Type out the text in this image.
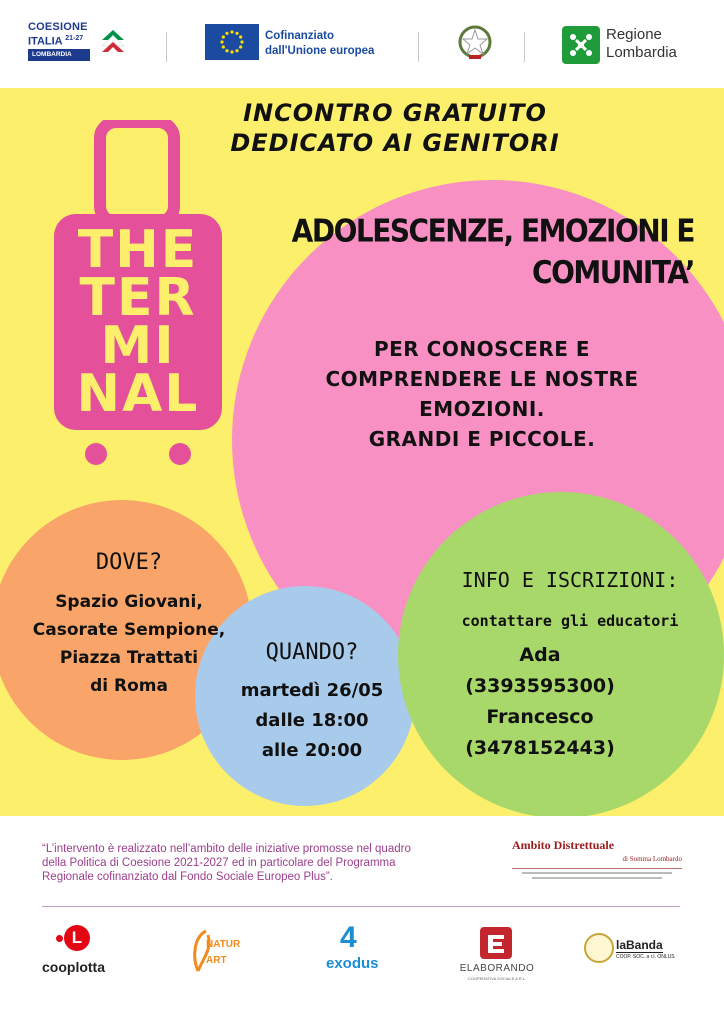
COESIONE
ITALIA $^{21-27}$
LOMBARDIA
Cofinanziato
dall'Unione europea
Regione
Lombardia
INCONTRO GRATUITO
DEDICATO AI GENITORI
THE
TER
MI
NAL
ADOLESCENZE, EMOZIONI E
COMUNITA’
PER CONOSCERE E
COMPRENDERE LE NOSTRE
EMOZIONI.
GRANDI E PICCOLE.
DOVE?
Spazio Giovani,
Casorate Sempione,
Piazza Trattati
di Roma
QUANDO?
martedì 26/05
dalle 18:00
alle 20:00
INFO E ISCRIZIONI:
contattare gli educatori
Ada
(3393595300)
Francesco
(3478152443)
“L’intervento è realizzato nell’ambito delle iniziative promosse nel quadro
della Politica di Coesione 2021-2027 ed in particolare del Programma
Regionale cofinanziato dal Fondo Sociale Europeo Plus”.
Ambito Distrettuale
di Somma Lombardo
L
cooplotta
NATUR
ART
4
exodus	ELABORANDO
COOPERATIVA SOCIALE A R.L.
laBanda
COOP. SOC. a r.l. ONLUS
